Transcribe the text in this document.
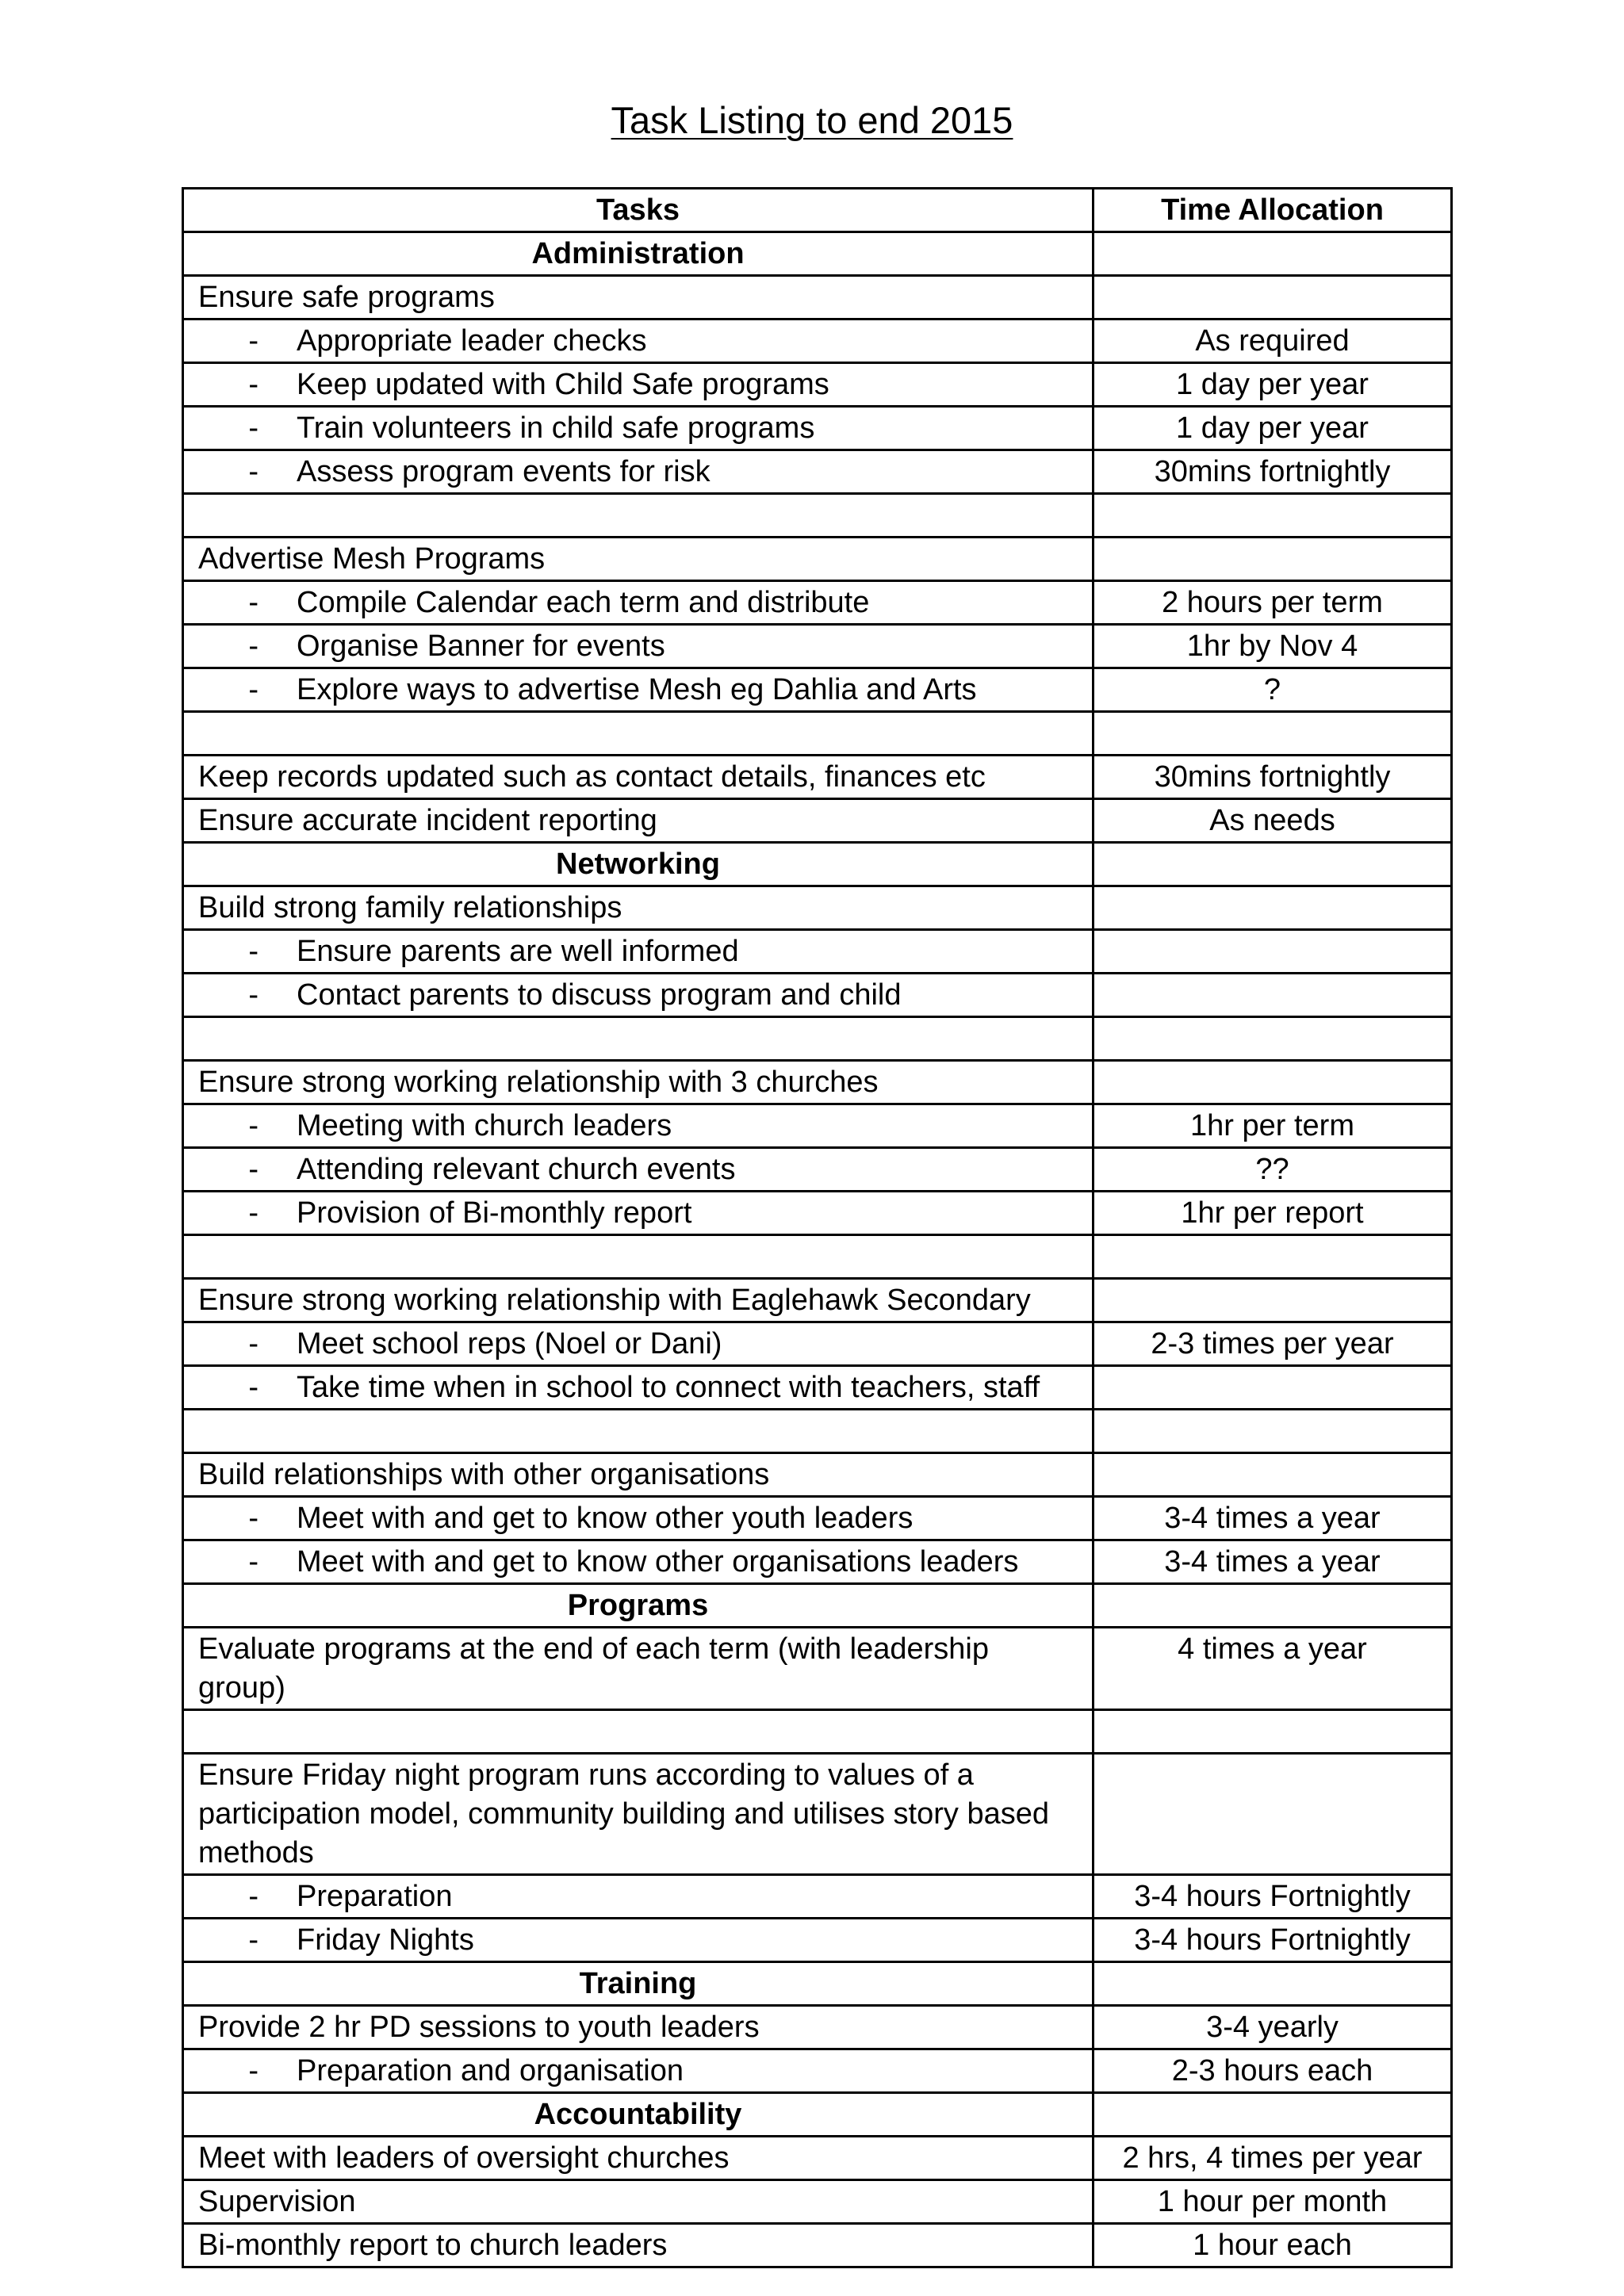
Task Listing to end 2015
Tasks	Time Allocation
Administration	
Ensure safe programs	
- Appropriate leader checks	As required
- Keep updated with Child Safe programs	1 day per year
- Train volunteers in child safe programs	1 day per year
- Assess program events for risk	30mins fortnightly

Advertise Mesh Programs	
- Compile Calendar each term and distribute	2 hours per term
- Organise Banner for events	1hr by Nov 4
- Explore ways to advertise Mesh eg Dahlia and Arts	?

Keep records updated such as contact details, finances etc	30mins fortnightly
Ensure accurate incident reporting	As needs
Networking	
Build strong family relationships	
- Ensure parents are well informed	
- Contact parents to discuss program and child	

Ensure strong working relationship with 3 churches	
- Meeting with church leaders	1hr per term
- Attending relevant church events	??
- Provision of Bi-monthly report	1hr per report

Ensure strong working relationship with Eaglehawk Secondary	
- Meet school reps (Noel or Dani)	2-3 times per year
- Take time when in school to connect with teachers, staff	

Build relationships with other organisations	
- Meet with and get to know other youth leaders	3-4 times a year
- Meet with and get to know other organisations leaders	3-4 times a year
Programs	
Evaluate programs at the end of each term (with leadership group)	4 times a year

Ensure Friday night program runs according to values of a participation model, community building and utilises story based methods	
- Preparation	3-4 hours Fortnightly
- Friday Nights	3-4 hours Fortnightly
Training	
Provide 2 hr PD sessions to youth leaders	3-4 yearly
- Preparation and organisation	2-3 hours each
Accountability	
Meet with leaders of oversight churches	2 hrs, 4 times per year
Supervision	1 hour per month
Bi-monthly report to church leaders	1 hour each
